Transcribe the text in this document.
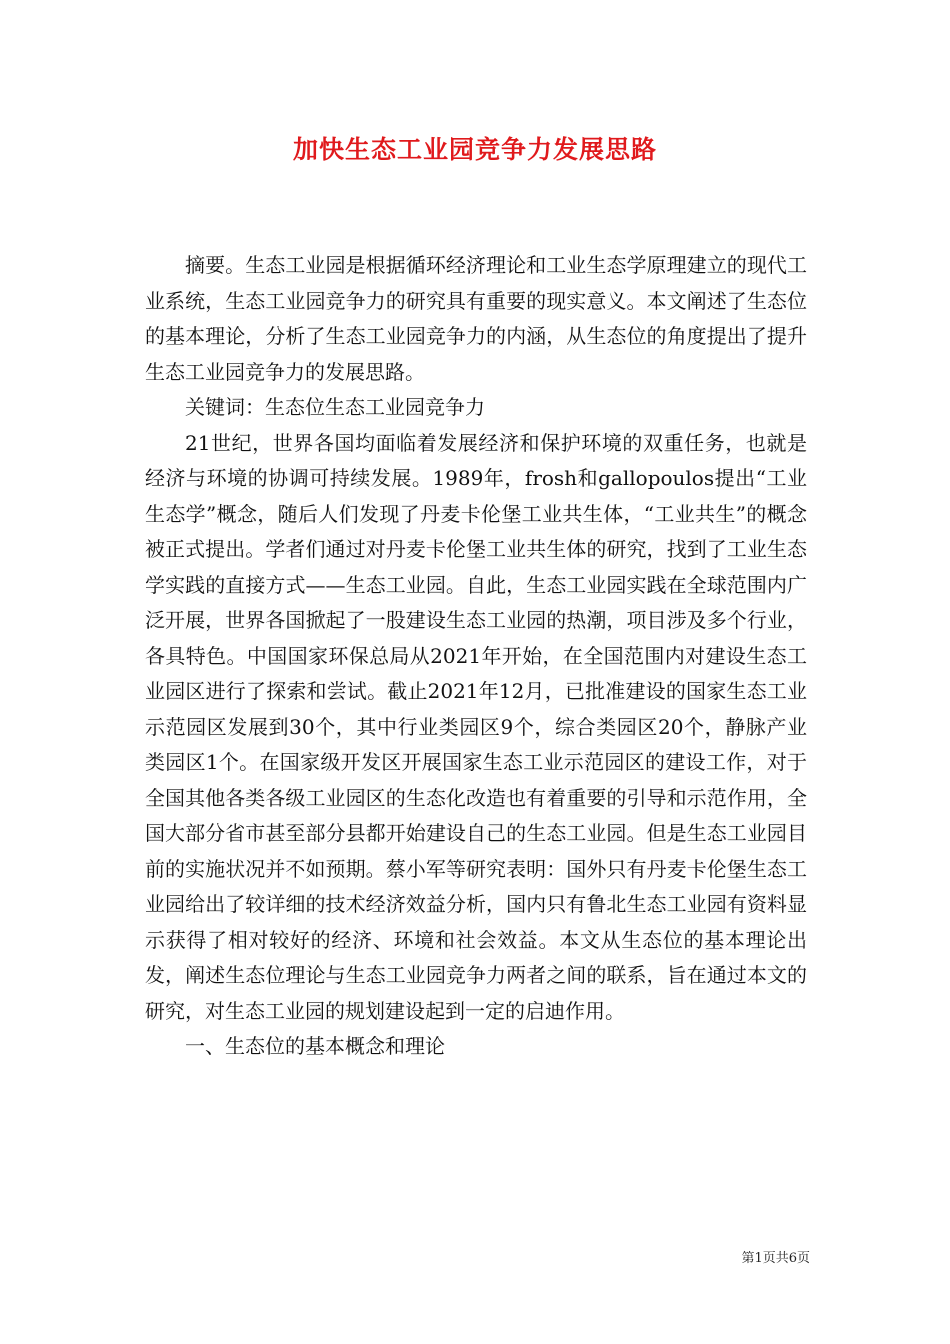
加快生态工业园竞争力发展思路

摘要。生态工业园是根据循环经济理论和工业生态学原理建立的现代工业系统，生态工业园竞争力的研究具有重要的现实意义。本文阐述了生态位的基本理论，分析了生态工业园竞争力的内涵，从生态位的角度提出了提升生态工业园竞争力的发展思路。

关键词：生态位生态工业园竞争力

21世纪，世界各国均面临着发展经济和保护环境的双重任务，也就是经济与环境的协调可持续发展。1989年，frosh和gallopoulos提出“工业生态学”概念，随后人们发现了丹麦卡伦堡工业共生体，“工业共生”的概念被正式提出。学者们通过对丹麦卡伦堡工业共生体的研究，找到了工业生态学实践的直接方式——生态工业园。自此，生态工业园实践在全球范围内广泛开展，世界各国掀起了一股建设生态工业园的热潮，项目涉及多个行业，各具特色。中国国家环保总局从2021年开始，在全国范围内对建设生态工业园区进行了探索和尝试。截止2021年12月，已批准建设的国家生态工业示范园区发展到30个，其中行业类园区9个，综合类园区20个，静脉产业类园区1个。在国家级开发区开展国家生态工业示范园区的建设工作，对于全国其他各类各级工业园区的生态化改造也有着重要的引导和示范作用，全国大部分省市甚至部分县都开始建设自己的生态工业园。但是生态工业园目前的实施状况并不如预期。蔡小军等研究表明：国外只有丹麦卡伦堡生态工业园给出了较详细的技术经济效益分析，国内只有鲁北生态工业园有资料显示获得了相对较好的经济、环境和社会效益。本文从生态位的基本理论出发，阐述生态位理论与生态工业园竞争力两者之间的联系，旨在通过本文的研究，对生态工业园的规划建设起到一定的启迪作用。

一、生态位的基本概念和理论

第1页共6页
